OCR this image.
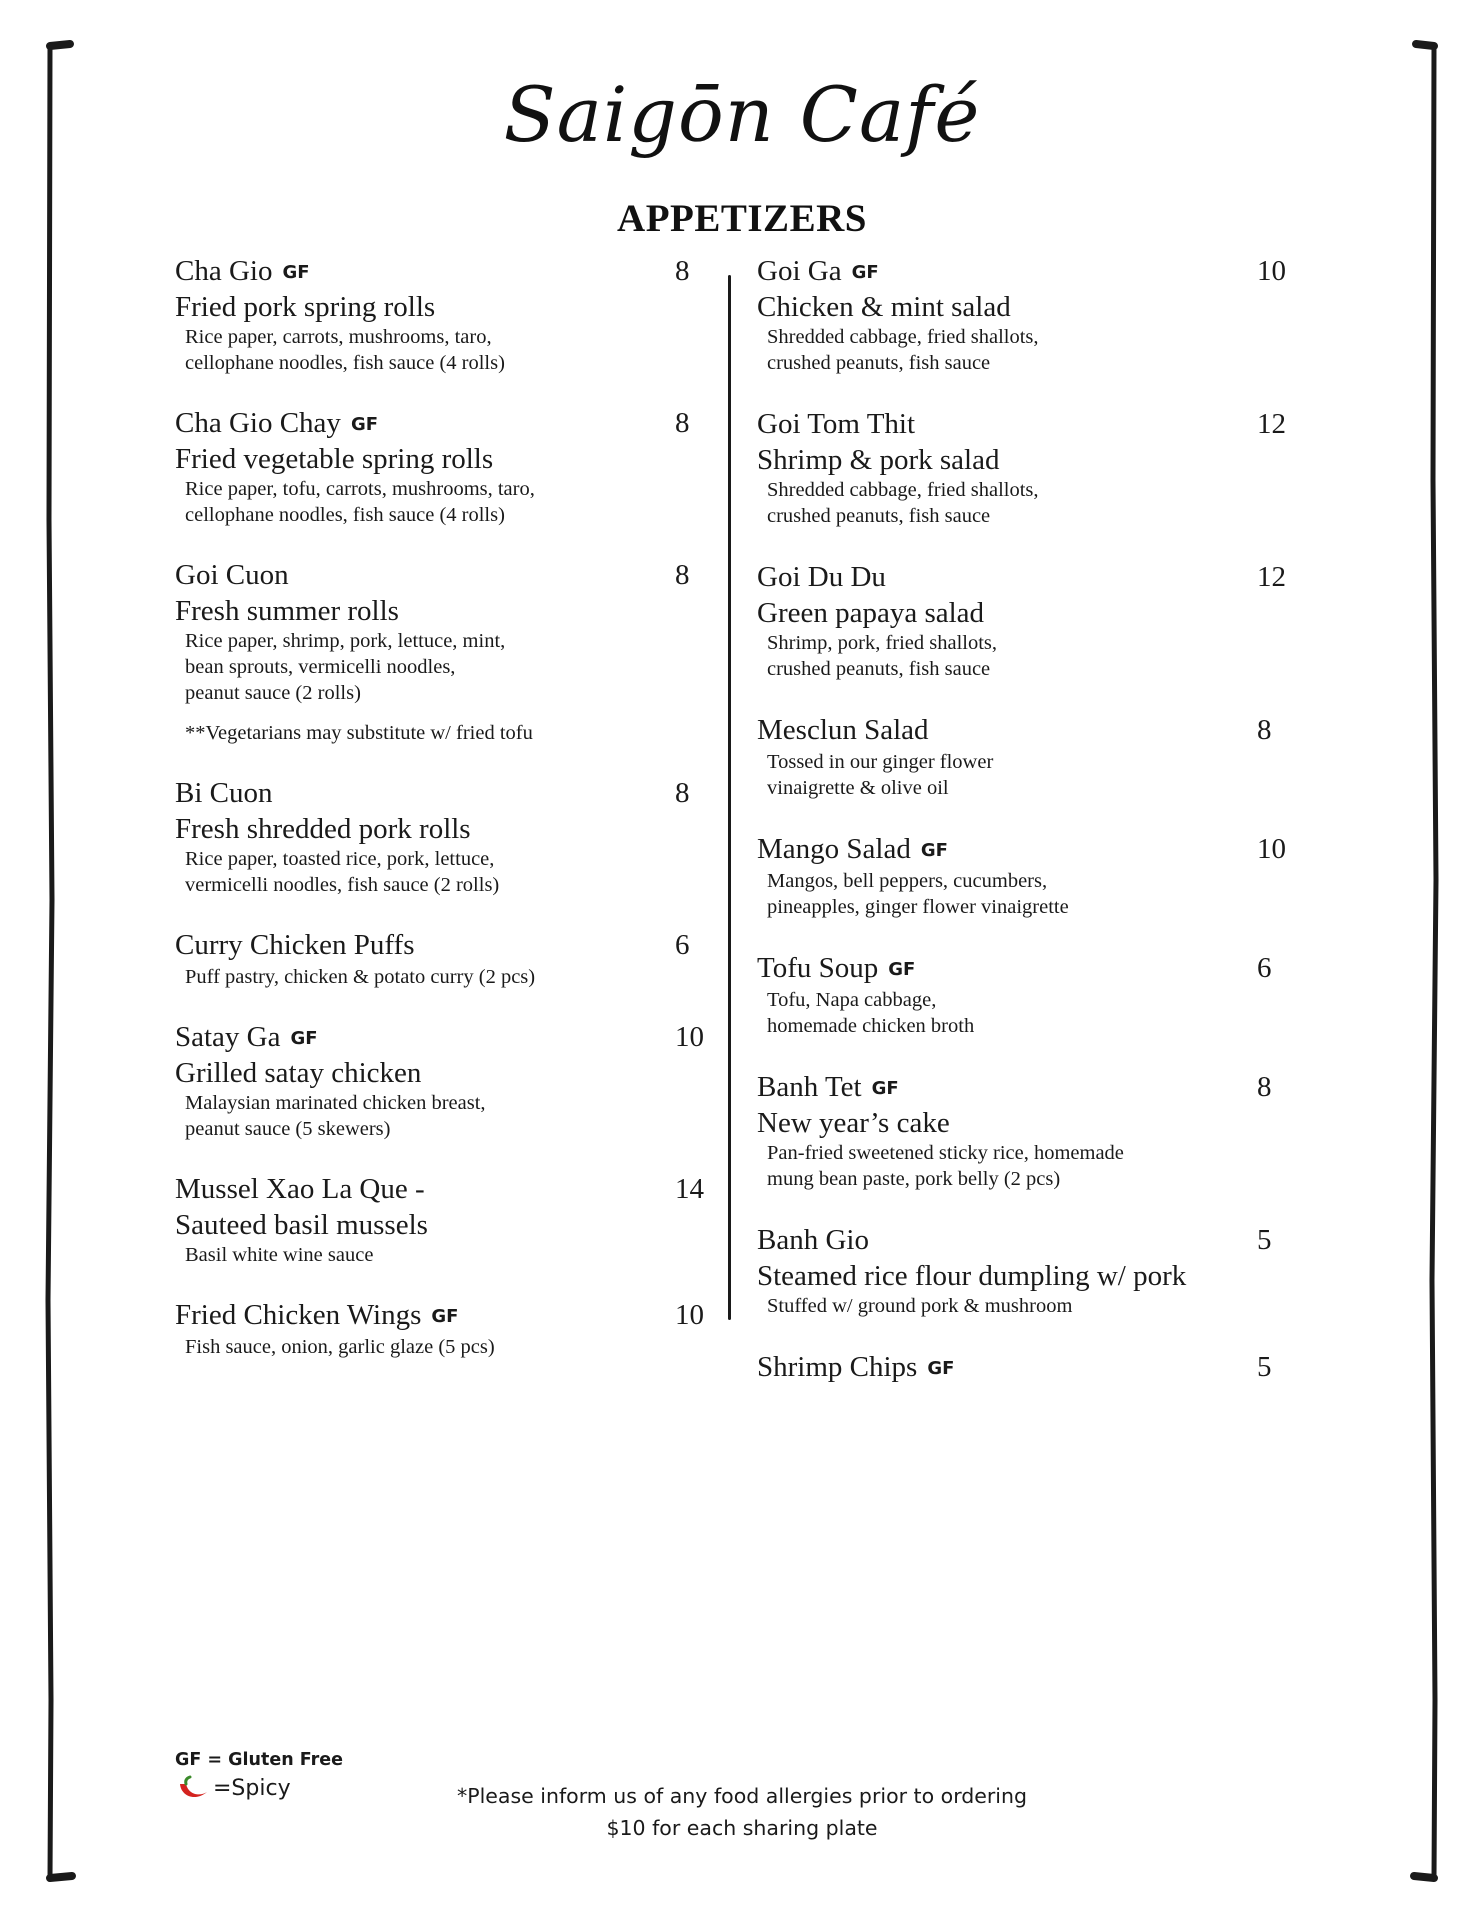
Saigōn Café
APPETIZERS
Cha Gio GF	8
Fried pork spring rolls
Rice paper, carrots, mushrooms, taro,
cellophane noodles, fish sauce (4 rolls)
Cha Gio Chay GF	8
Fried vegetable spring rolls
Rice paper, tofu, carrots, mushrooms, taro,
cellophane noodles, fish sauce (4 rolls)
Goi Cuon	8
Fresh summer rolls
Rice paper, shrimp, pork, lettuce, mint,
bean sprouts, vermicelli noodles,
peanut sauce (2 rolls)
**Vegetarians may substitute w/ fried tofu
Bi Cuon	8
Fresh shredded pork rolls
Rice paper, toasted rice, pork, lettuce,
vermicelli noodles, fish sauce (2 rolls)
Curry Chicken Puffs	6
Puff pastry, chicken & potato curry (2 pcs)
Satay Ga GF	10
Grilled satay chicken
Malaysian marinated chicken breast,
peanut sauce (5 skewers)
Mussel Xao La Que -	14
Sauteed basil mussels
Basil white wine sauce
Fried Chicken Wings GF	10
Fish sauce, onion, garlic glaze (5 pcs)
Goi Ga GF	10
Chicken & mint salad
Shredded cabbage, fried shallots,
crushed peanuts, fish sauce
Goi Tom Thit	12
Shrimp & pork salad
Shredded cabbage, fried shallots,
crushed peanuts, fish sauce
Goi Du Du	12
Green papaya salad
Shrimp, pork, fried shallots,
crushed peanuts, fish sauce
Mesclun Salad	8
Tossed in our ginger flower
vinaigrette & olive oil
Mango Salad GF	10
Mangos, bell peppers, cucumbers,
pineapples, ginger flower vinaigrette
Tofu Soup GF	6
Tofu, Napa cabbage,
homemade chicken broth
Banh Tet GF	8
New year’s cake
Pan-fried sweetened sticky rice, homemade
mung bean paste, pork belly (2 pcs)
Banh Gio	5
Steamed rice flour dumpling w/ pork
Stuffed w/ ground pork & mushroom
Shrimp Chips GF	5
GF = Gluten Free
=Spicy	*Please inform us of any food allergies prior to ordering
$10 for each sharing plate
